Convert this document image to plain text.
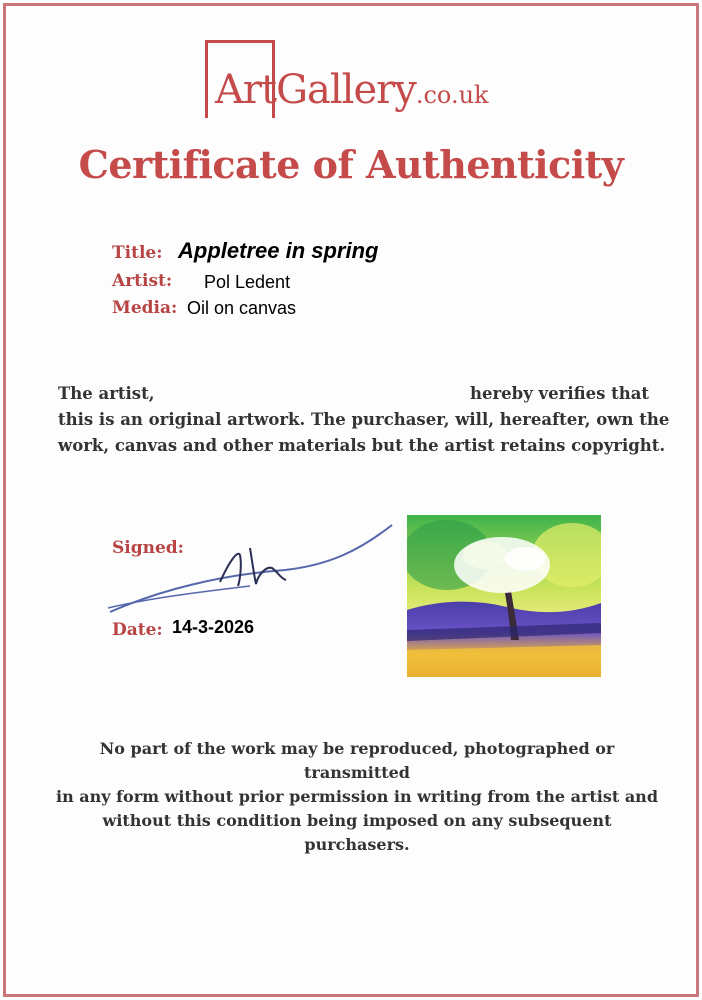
ArtGallery.co.uk
Certificate of Authenticity
Title: Appletree in spring
Artist: Pol Ledent
Media: Oil on canvas
The artist,	hereby verifies that
this is an original artwork. The purchaser, will, hereafter, own the
work, canvas and other materials but the artist retains copyright.
Signed:
Date: 14-3-2026
No part of the work may be reproduced, photographed or transmitted
in any form without prior permission in writing from the artist and
without this condition being imposed on any subsequent purchasers.
